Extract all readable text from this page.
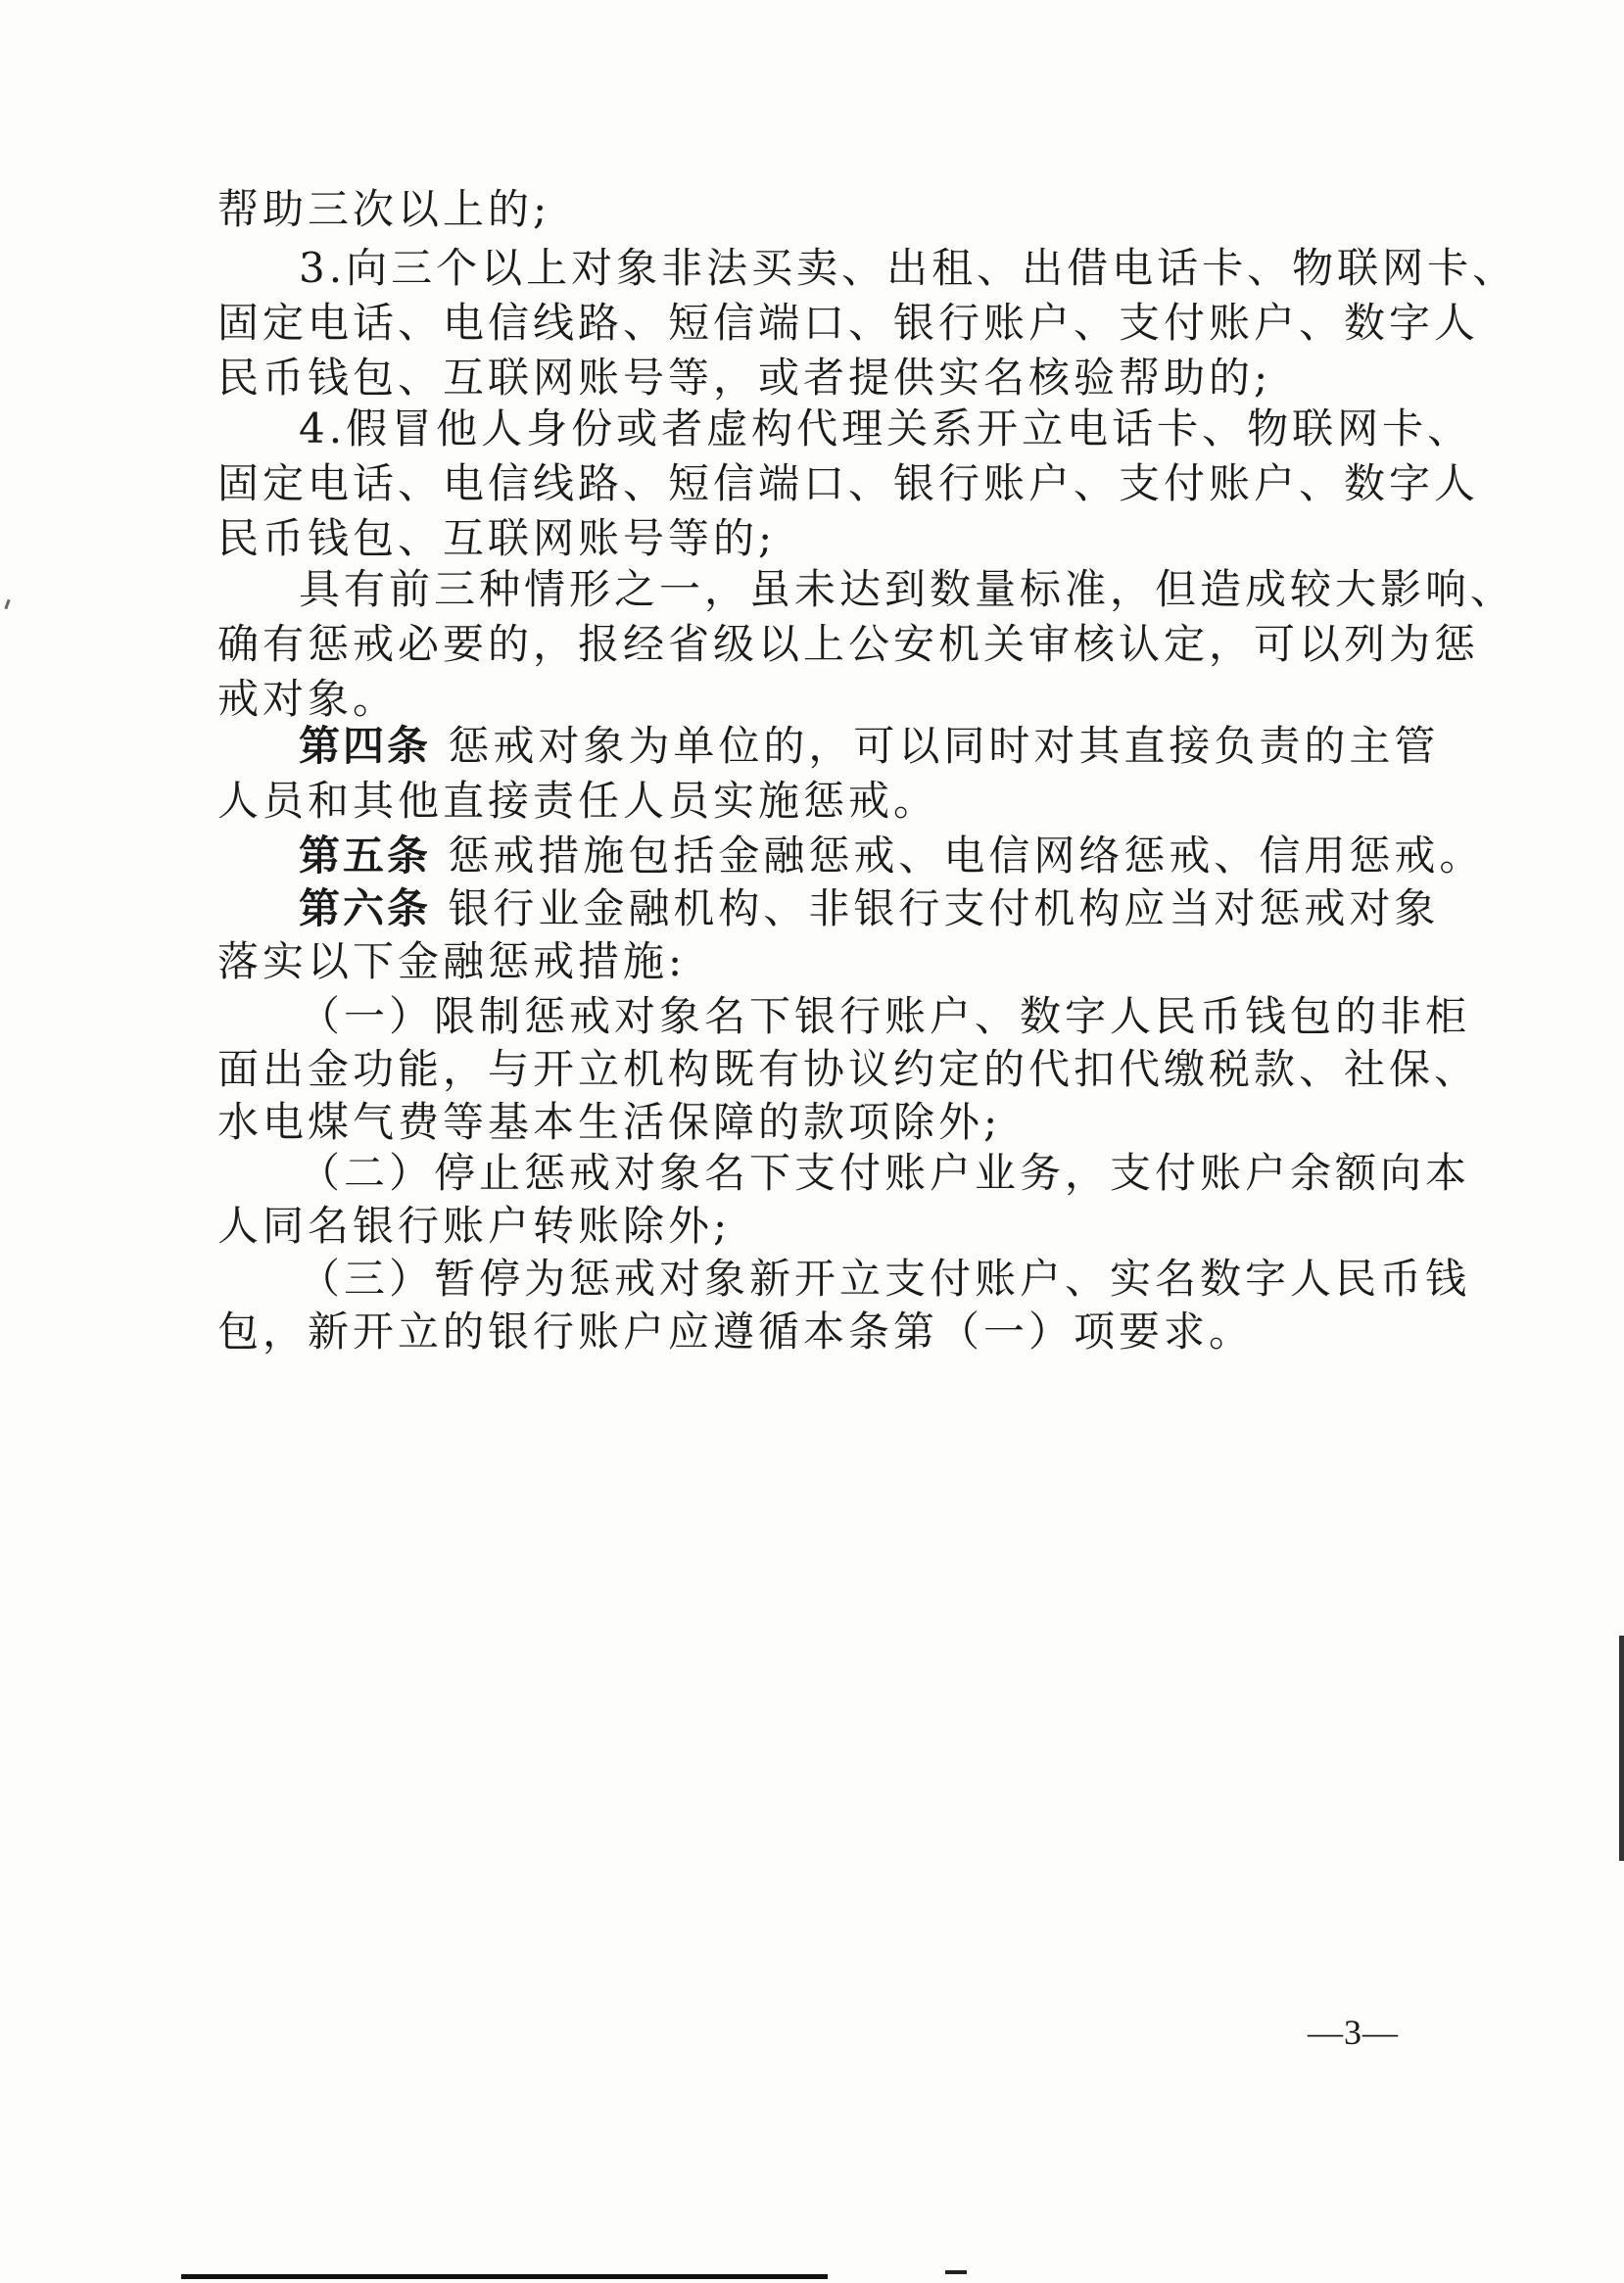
帮助三次以上的;
3.向三个以上对象非法买卖、出租、出借电话卡、物联网卡、
固定电话、电信线路、短信端口、银行账户、支付账户、数字人
民币钱包、互联网账号等，或者提供实名核验帮助的;
4.假冒他人身份或者虚构代理关系开立电话卡、物联网卡、
固定电话、电信线路、短信端口、银行账户、支付账户、数字人
民币钱包、互联网账号等的;
具有前三种情形之一，虽未达到数量标准，但造成较大影响、
确有惩戒必要的，报经省级以上公安机关审核认定，可以列为惩
戒对象。
第四条 惩戒对象为单位的，可以同时对其直接负责的主管
人员和其他直接责任人员实施惩戒。
第五条 惩戒措施包括金融惩戒、电信网络惩戒、信用惩戒。
第六条 银行业金融机构、非银行支付机构应当对惩戒对象
落实以下金融惩戒措施:
（一）限制惩戒对象名下银行账户、数字人民币钱包的非柜
面出金功能，与开立机构既有协议约定的代扣代缴税款、社保、
水电煤气费等基本生活保障的款项除外;
（二）停止惩戒对象名下支付账户业务，支付账户余额向本
人同名银行账户转账除外;
（三）暂停为惩戒对象新开立支付账户、实名数字人民币钱
包，新开立的银行账户应遵循本条第（一）项要求。
—3—
